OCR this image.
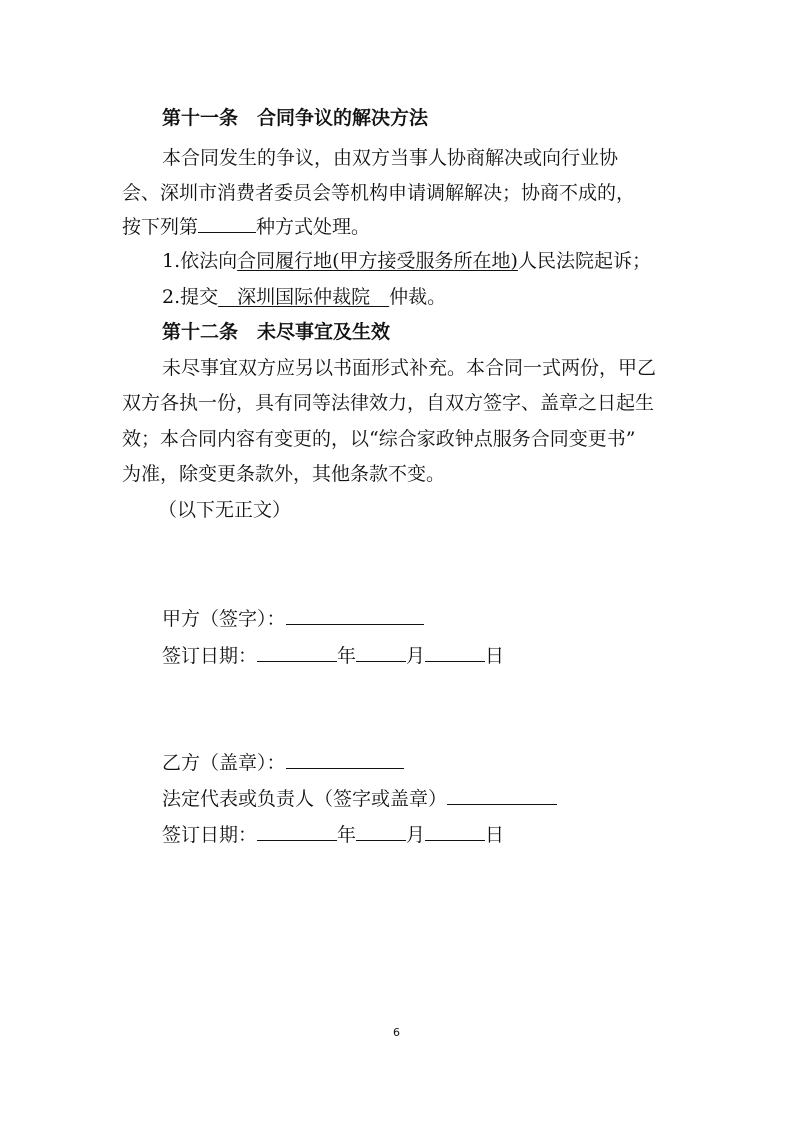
第十一条　合同争议的解决方法
本合同发生的争议，由双方当事人协商解决或向行业协
会、深圳市消费者委员会等机构申请调解解决；协商不成的，
按下列第	种方式处理。
1.依法向合同履行地(甲方接受服务所在地)人民法院起诉；
2.提交　深圳国际仲裁院　仲裁。
第十二条　未尽事宜及生效
未尽事宜双方应另以书面形式补充。本合同一式两份，甲乙
双方各执一份，具有同等法律效力，自双方签字、盖章之日起生
效；本合同内容有变更的，以“综合家政钟点服务合同变更书”
为准，除变更条款外，其他条款不变。
（以下无正文）
甲方（签字）：
签订日期：	年	月	日
乙方（盖章）：
法定代表或负责人（签字或盖章）
签订日期：	年	月	日
6
